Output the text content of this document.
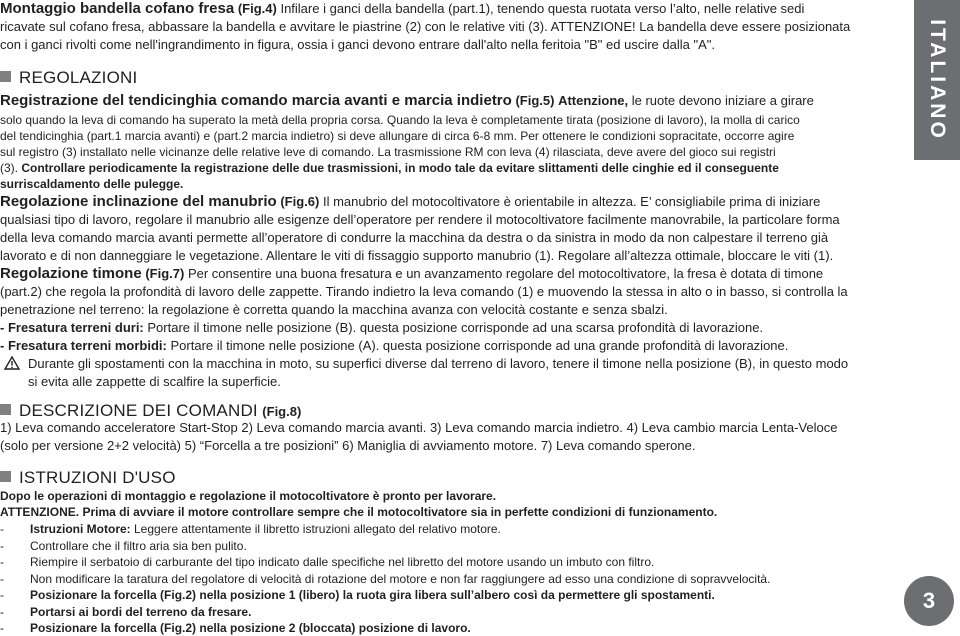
Montaggio bandella cofano fresa (Fig.4) Infilare i ganci della bandella (part.1), tenendo questa ruotata verso l’alto, nelle relative sedi
ricavate sul cofano fresa, abbassare la bandella e avvitare le piastrine (2) con le relative viti (3). ATTENZIONE! La bandella deve essere posizionata
con i ganci rivolti come nell'ingrandimento in figura, ossia i ganci devono entrare dall'alto nella feritoia "B" ed uscire dalla "A".
REGOLAZIONI
Registrazione del tendicinghia comando marcia avanti e marcia indietro (Fig.5) Attenzione, le ruote devono iniziare a girare
solo quando la leva di comando ha superato la metà della propria corsa. Quando la leva è completamente tirata (posizione di lavoro), la molla di carico
del tendicinghia (part.1 marcia avanti) e (part.2 marcia indietro) si deve allungare di circa 6-8 mm. Per ottenere le condizioni sopracitate, occorre agire
sul registro (3) installato nelle vicinanze delle relative leve di comando. La trasmissione RM con leva (4) rilasciata, deve avere del gioco sui registri
(3). Controllare periodicamente la registrazione delle due trasmissioni, in modo tale da evitare slittamenti delle cinghie ed il conseguente
surriscaldamento delle pulegge.
Regolazione inclinazione del manubrio (Fig.6) Il manubrio del motocoltivatore è orientabile in altezza. E’ consigliabile prima di iniziare
qualsiasi tipo di lavoro, regolare il manubrio alle esigenze dell’operatore per rendere il motocoltivatore facilmente manovrabile, la particolare forma
della leva comando marcia avanti permette all’operatore di condurre la macchina da destra o da sinistra in modo da non calpestare il terreno già
lavorato e di non danneggiare le vegetazione. Allentare le viti di fissaggio supporto manubrio (1). Regolare all’altezza ottimale, bloccare le viti (1).
Regolazione timone (Fig.7) Per consentire una buona fresatura e un avanzamento regolare del motocoltivatore, la fresa è dotata di timone
(part.2) che regola la profondità di lavoro delle zappette. Tirando indietro la leva comando (1) e muovendo la stessa in alto o in basso, si controlla la
penetrazione nel terreno: la regolazione è corretta quando la macchina avanza con velocità costante e senza sbalzi.
- Fresatura terreni duri: Portare il timone nelle posizione (B). questa posizione corrisponde ad una scarsa profondità di lavorazione.
- Fresatura terreni morbidi: Portare il timone nelle posizione (A). questa posizione corrisponde ad una grande profondità di lavorazione.
Durante gli spostamenti con la macchina in moto, su superfici diverse dal terreno di lavoro, tenere il timone nella posizione (B), in questo modo
si evita alle zappette di scalfire la superficie.
DESCRIZIONE DEI COMANDI (Fig.8)
1) Leva comando acceleratore Start-Stop 2) Leva comando marcia avanti. 3) Leva comando marcia indietro. 4) Leva cambio marcia Lenta-Veloce
(solo per versione 2+2 velocità) 5) “Forcella a tre posizioni” 6) Maniglia di avviamento motore. 7) Leva comando sperone.
ISTRUZIONI D'USO
Dopo le operazioni di montaggio e regolazione il motocoltivatore è pronto per lavorare.
ATTENZIONE. Prima di avviare il motore controllare sempre che il motocoltivatore sia in perfette condizioni di funzionamento.
- Istruzioni Motore: Leggere attentamente il libretto istruzioni allegato del relativo motore.
- Controllare che il filtro aria sia ben pulito.
- Riempire il serbatoio di carburante del tipo indicato dalle specifiche nel libretto del motore usando un imbuto con filtro.
- Non modificare la taratura del regolatore di velocità di rotazione del motore e non far raggiungere ad esso una condizione di sopravvelocità.
- Posizionare la forcella (Fig.2) nella posizione 1 (libero) la ruota gira libera sull’albero così da permettere gli spostamenti.
- Portarsi ai bordi del terreno da fresare.
- Posizionare la forcella (Fig.2) nella posizione 2 (bloccata) posizione di lavoro.
ITALIANO
3
